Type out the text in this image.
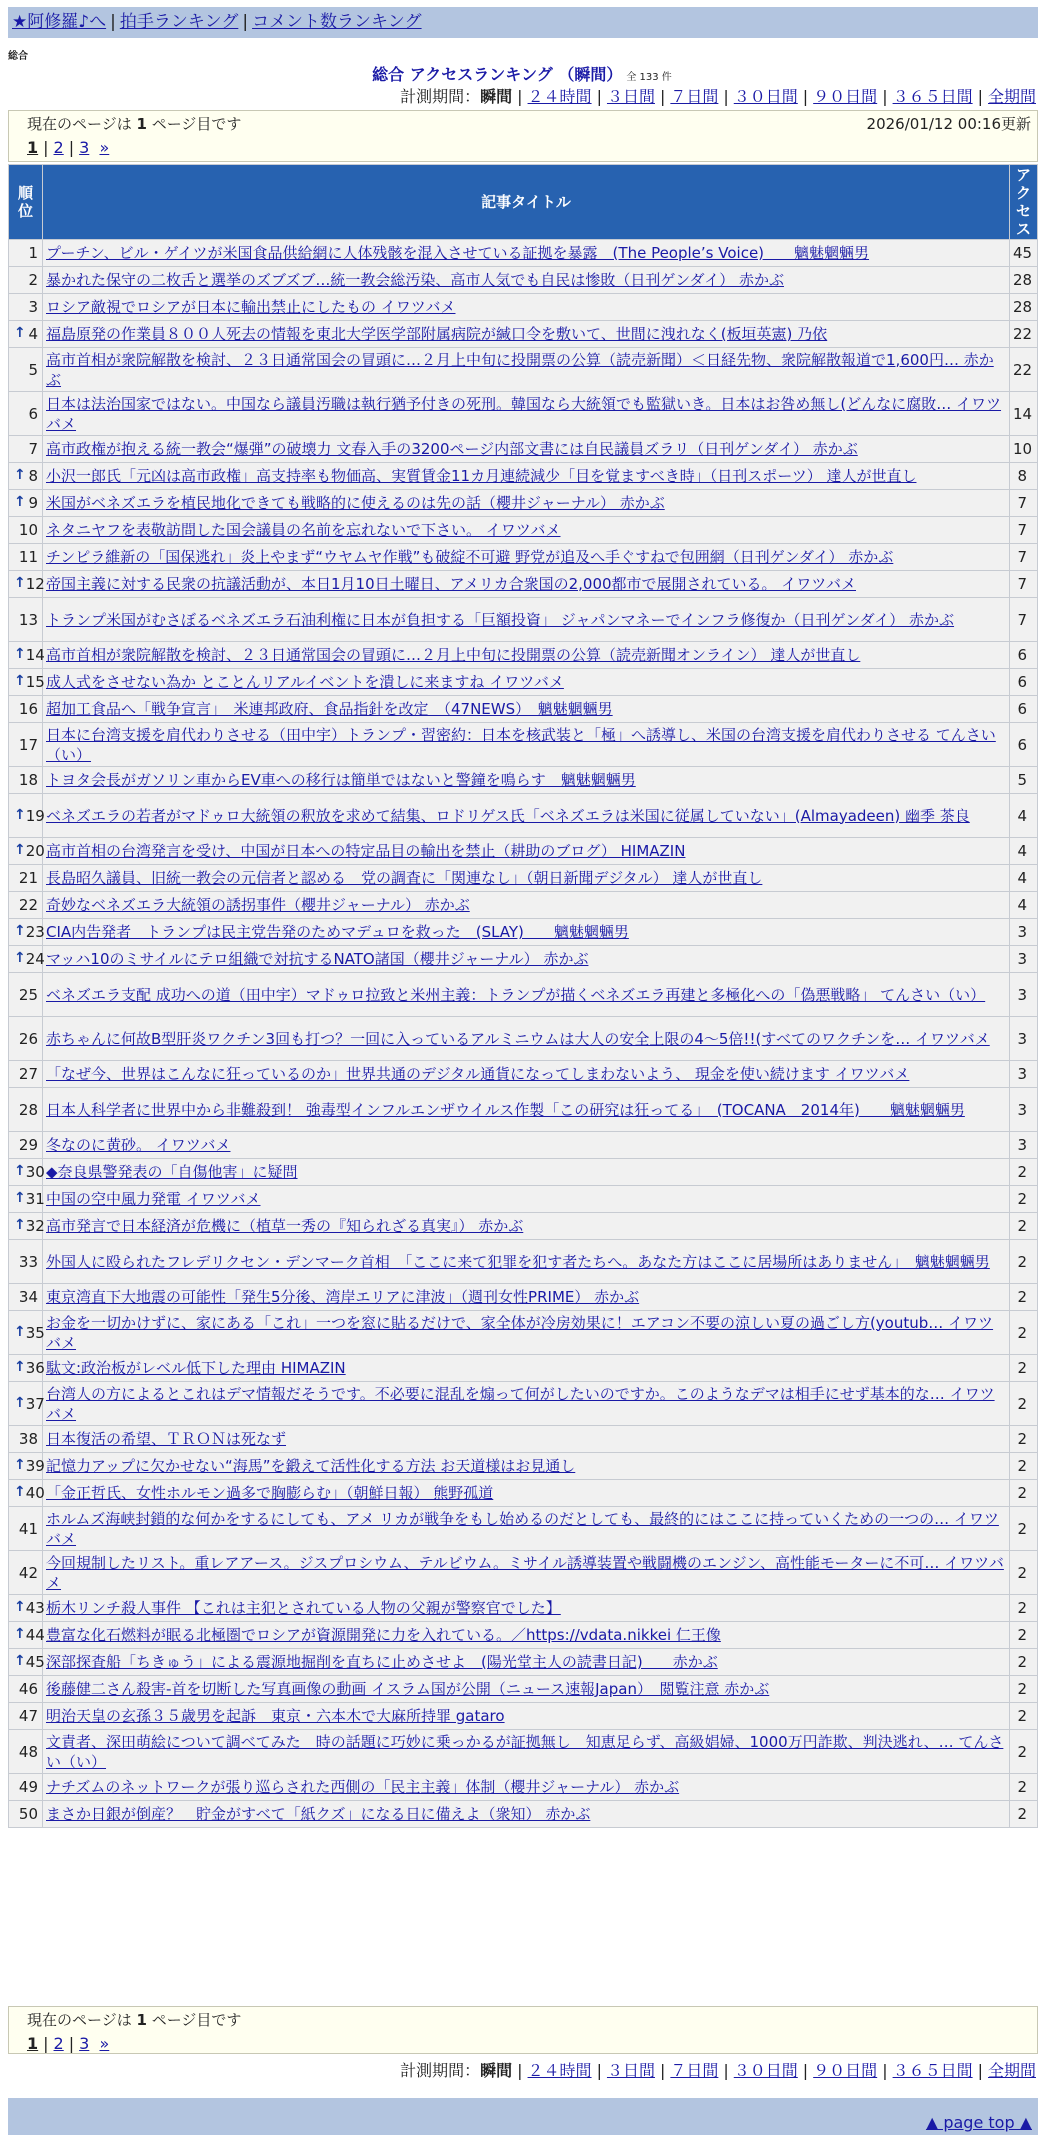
★阿修羅♪へ | 拍手ランキング | コメント数ランキング
総合
総合 アクセスランキング （瞬間） 全 133 件
計測期間：瞬間 | ２４時間 | ３日間 | ７日間 | ３０日間 | ９０日間 | ３６５日間 | 全期間
現在のページは 1 ページ目です	2026/01/12 00:16更新
1 | 2 | 3 »
順位	記事タイトル	アクセス
1	プーチン、ビル・ゲイツが米国食品供給網に人体残骸を混入させている証拠を暴露　(The People’s Voice)　　魑魅魍魎男	45
2	暴かれた保守の二枚舌と選挙のズブズブ…統一教会総汚染、高市人気でも自民は惨敗（日刊ゲンダイ） 赤かぶ	28
3	ロシア敵視でロシアが日本に輸出禁止にしたもの イワツバメ	28

↑ 4	福島原発の作業員８００人死去の情報を東北大学医学部附属病院が緘口令を敷いて、世間に洩れなく(板垣英憲) 乃依	22
5	高市首相が衆院解散を検討、２３日通常国会の冒頭に…２月上中旬に投開票の公算（読売新聞）＜日経先物、衆院解散報道で1,600円… 赤かぶ	22
6	日本は法治国家ではない。中国なら議員汚職は執行猶予付きの死刑。韓国なら大統領でも監獄いき。日本はお咎め無し(どんなに腐敗… イワツバメ	14
7	高市政権が抱える統一教会“爆弾”の破壊力 文春入手の3200ページ内部文書には自民議員ズラリ（日刊ゲンダイ） 赤かぶ	10

↑ 8	小沢一郎氏「元凶は高市政権」高支持率も物価高、実質賃金11カ月連続減少「目を覚ますべき時」（日刊スポーツ） 達人が世直し	8

↑ 9	米国がベネズエラを植民地化できても戦略的に使えるのは先の話（櫻井ジャーナル） 赤かぶ	7
10	ネタニヤフを表敬訪問した国会議員の名前を忘れないで下さい。 イワツバメ	7
11	チンピラ維新の「国保逃れ」炎上やまず“ウヤムヤ作戦”も破綻不可避 野党が追及へ手ぐすねで包囲網（日刊ゲンダイ） 赤かぶ	7

↑ 12	帝国主義に対する民衆の抗議活動が、本日1月10日土曜日、アメリカ合衆国の2,000都市で展開されている。 イワツバメ	7
13	トランプ米国がむさぼるベネズエラ石油利権に日本が負担する「巨額投資」 ジャパンマネーでインフラ修復か（日刊ゲンダイ） 赤かぶ	7

↑ 14	高市首相が衆院解散を検討、２３日通常国会の冒頭に…２月上中旬に投開票の公算（読売新聞オンライン） 達人が世直し	6

↑ 15	成人式をさせない為か とことんリアルイベントを潰しに来ますね イワツバメ	6
16	超加工食品へ「戦争宣言」　米連邦政府、食品指針を改定　（47NEWS）　魑魅魍魎男	6
17	日本に台湾支援を肩代わりさせる（田中宇）トランプ・習密約：日本を核武装と「極」へ誘導し、米国の台湾支援を肩代わりさせる てんさい（い）	6
18	トヨタ会長がガソリン車からEV車への移行は簡単ではないと警鐘を鳴らす　魑魅魍魎男	5

↑ 19	ベネズエラの若者がマドゥロ大統領の釈放を求めて結集、ロドリゲス氏「ベネズエラは米国に従属していない」(Almayadeen) 幽季 茶良	4

↑ 20	高市首相の台湾発言を受け、中国が日本への特定品目の輸出を禁止（耕助のブログ） HIMAZIN	4
21	長島昭久議員、旧統一教会の元信者と認める　党の調査に「関連なし」（朝日新聞デジタル） 達人が世直し	4
22	奇妙なベネズエラ大統領の誘拐事件（櫻井ジャーナル） 赤かぶ	4

↑ 23	CIA内告発者　トランプは民主党告発のためマデュロを救った　(SLAY)　　魑魅魍魎男	3

↑ 24	マッハ10のミサイルにテロ組織で対抗するNATO諸国（櫻井ジャーナル） 赤かぶ	3
25	ベネズエラ支配 成功への道（田中宇）マドゥロ拉致と米州主義：トランプが描くベネズエラ再建と多極化への「偽悪戦略」 てんさい（い）	3
26	赤ちゃんに何故B型肝炎ワクチン3回も打つ？一回に入っているアルミニウムは大人の安全上限の4～5倍!!(すべてのワクチンを… イワツバメ	3
27	「なぜ今、世界はこんなに狂っているのか」世界共通のデジタル通貨になってしまわないよう、 現金を使い続けます イワツバメ	3
28	日本人科学者に世界中から非難殺到！ 強毒型インフルエンザウイルス作製「この研究は狂ってる」　(TOCANA　2014年)　　魑魅魍魎男	3
29	冬なのに黄砂。 イワツバメ	3

↑ 30	◆奈良県警発表の「自傷他害」に疑問	2

↑ 31	中国の空中風力発電 イワツバメ	2

↑ 32	高市発言で日本経済が危機に（植草一秀の『知られざる真実』） 赤かぶ	2
33	外国人に殴られたフレデリクセン・デンマーク首相　「ここに来て犯罪を犯す者たちへ。あなた方はここに居場所はありません」　魑魅魍魎男	2
34	東京湾直下大地震の可能性「発生5分後、湾岸エリアに津波」（週刊女性PRIME） 赤かぶ	2

↑ 35	お金を一切かけずに、家にある「これ」一つを窓に貼るだけで、家全体が冷房効果に！エアコン不要の涼しい夏の過ごし方(youtub… イワツバメ	2

↑ 36	駄文:政治板がレベル低下した理由 HIMAZIN	2

↑ 37	台湾人の方によるとこれはデマ情報だそうです。不必要に混乱を煽って何がしたいのですか。このようなデマは相手にせず基本的な… イワツバメ	2
38	日本復活の希望、ＴＲＯＮは死なず	2

↑ 39	記憶力アップに欠かせない“海馬”を鍛えて活性化する方法 お天道様はお見通し	2

↑ 40	「金正哲氏、女性ホルモン過多で胸膨らむ」（朝鮮日報） 熊野孤道	2
41	ホルムズ海峡封鎖的な何かをするにしても、アメ リカが戦争をもし始めるのだとしても、最終的にはここに持っていくための一つの… イワツバメ	2
42	今回規制したリスト。重レアアース。ジスプロシウム、テルビウム。ミサイル誘導装置や戦闘機のエンジン、高性能モーターに不可… イワツバメ	2

↑ 43	栃木リンチ殺人事件 【これは主犯とされている人物の父親が警察官でした】	2

↑ 44	豊富な化石燃料が眠る北極圏でロシアが資源開発に力を入れている。／https://vdata.nikkei 仁王像	2

↑ 45	深部探査船「ちきゅう」による震源地掘削を直ちに止めさせよ　(陽光堂主人の読書日記)　　赤かぶ	2
46	後藤健二さん殺害-首を切断した写真画像の動画 イスラム国が公開（ニュース速報Japan）　閲覧注意 赤かぶ	2
47	明治天皇の玄孫３５歳男を起訴　東京・六本木で大麻所持罪 gataro	2
48	文責者、深田萌絵について調べてみた　時の話題に巧妙に乗っかるが証拠無し　知恵足らず、高級娼婦、1000万円詐欺、判決逃れ、… てんさい（い）	2
49	ナチズムのネットワークが張り巡らされた西側の「民主主義」体制（櫻井ジャーナル） 赤かぶ	2
50	まさか日銀が倒産？　貯金がすべて「紙クズ」になる日に備えよ（衆知） 赤かぶ	2
現在のページは 1 ページ目です
1 | 2 | 3 »
計測期間：瞬間 | ２４時間 | ３日間 | ７日間 | ３０日間 | ９０日間 | ３６５日間 | 全期間
▲ page top ▲
